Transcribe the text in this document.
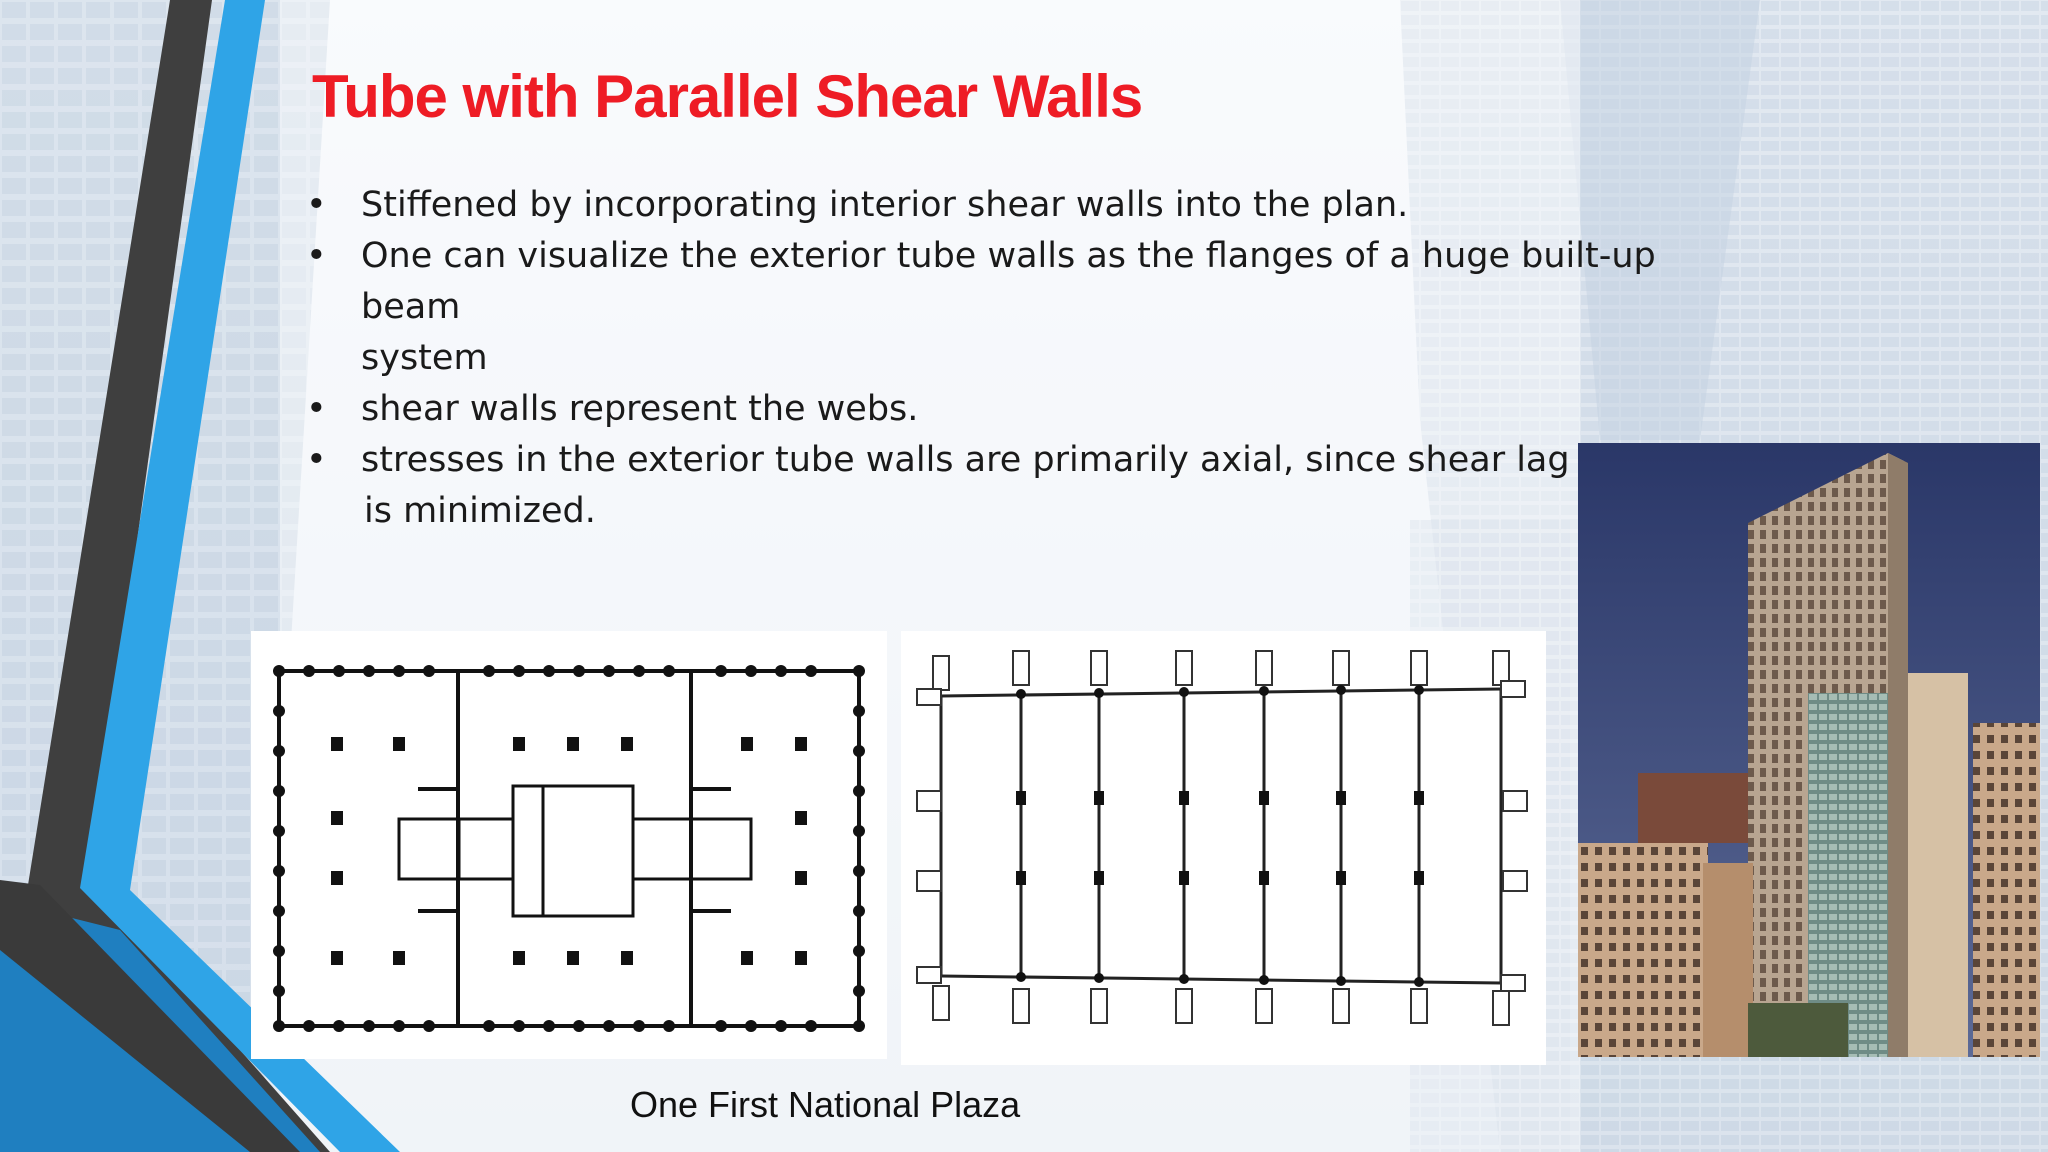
Tube with Parallel Shear Walls
• Stiffened by incorporating interior shear walls into the plan.
• One can visualize the exterior tube walls as the flanges of a huge built-up
beam
system
• shear walls represent the webs.
• stresses in the exterior tube walls are primarily axial, since shear lag
is minimized.
One First National Plaza
